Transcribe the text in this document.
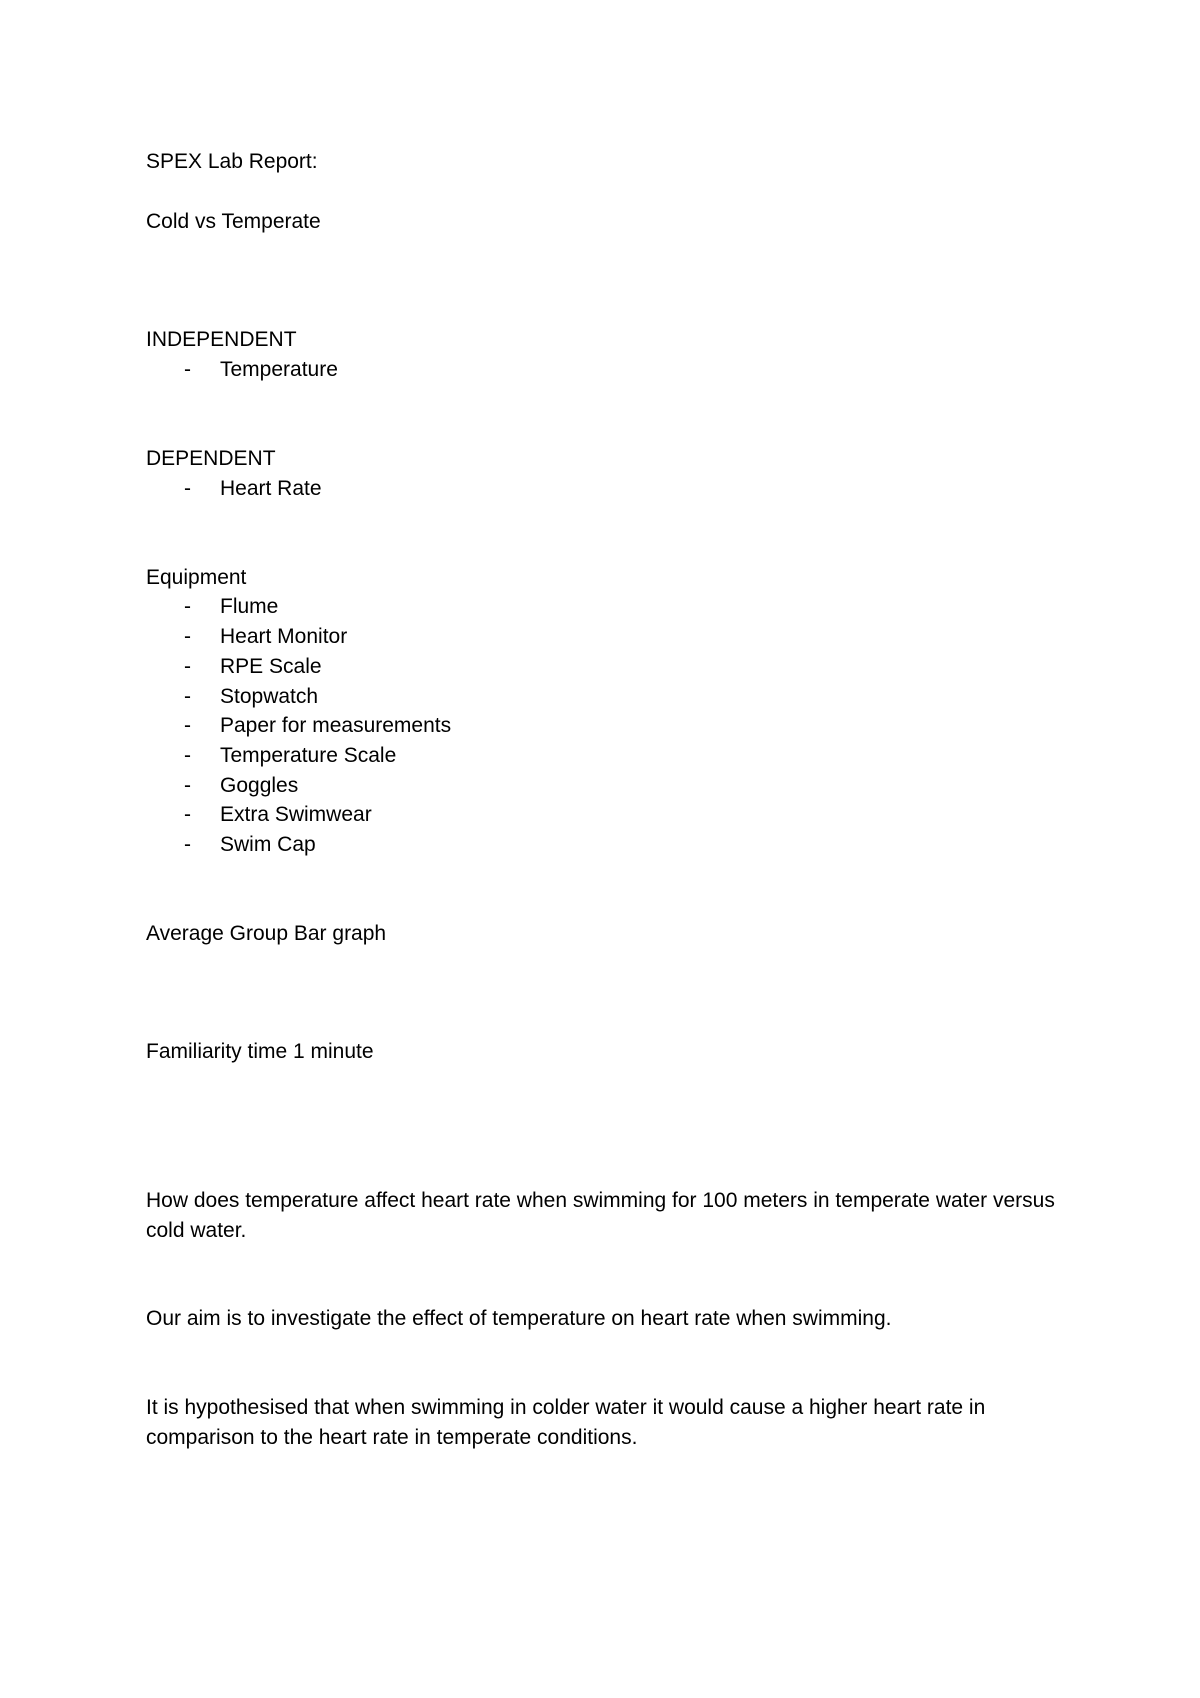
SPEX Lab Report:
Cold vs Temperate
INDEPENDENT
- Temperature
DEPENDENT
- Heart Rate
Equipment
- Flume
- Heart Monitor
- RPE Scale
- Stopwatch
- Paper for measurements
- Temperature Scale
- Goggles
- Extra Swimwear
- Swim Cap
Average Group Bar graph
Familiarity time 1 minute
How does temperature affect heart rate when swimming for 100 meters in temperate water versus cold water.
Our aim is to investigate the effect of temperature on heart rate when swimming.
It is hypothesised that when swimming in colder water it would cause a higher heart rate in comparison to the heart rate in temperate conditions.
